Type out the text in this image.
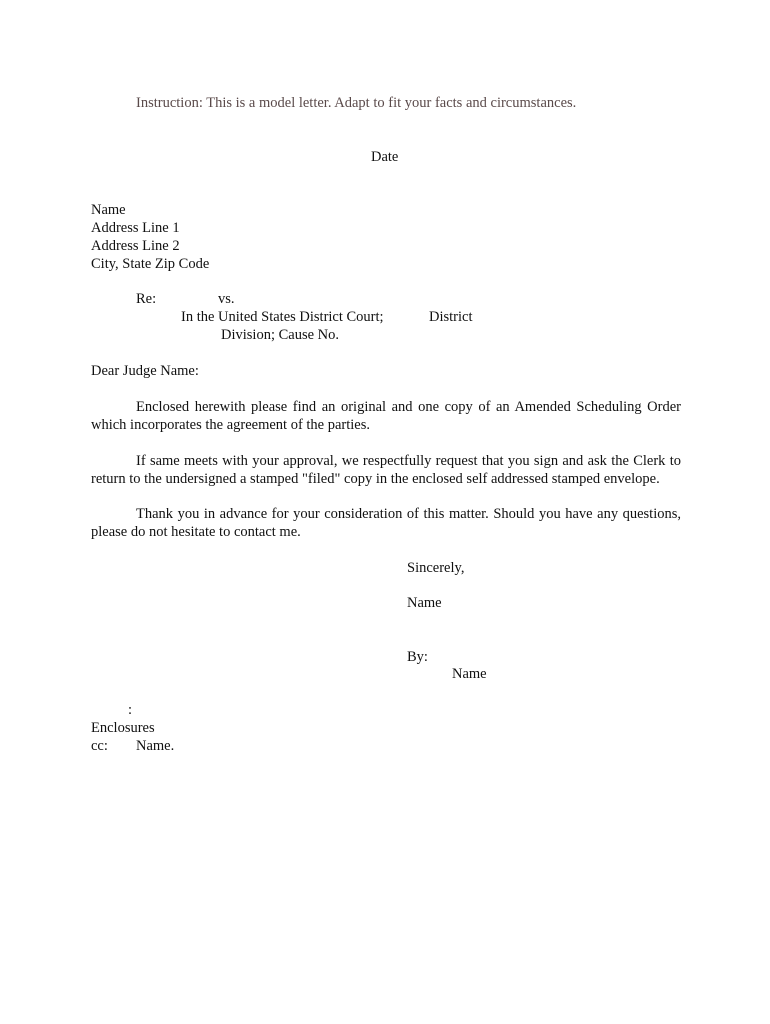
Instruction: This is a model letter. Adapt to fit your facts and circumstances.
Date
Name
Address Line 1
Address Line 2
City, State Zip Code
Re:	vs.
In the United States District Court;	District
Division; Cause No.
Dear Judge Name:
Enclosed herewith please find an original and one copy of an Amended Scheduling Order which incorporates the agreement of the parties.
If same meets with your approval, we respectfully request that you sign and ask the Clerk to return to the undersigned a stamped "filed" copy in the enclosed self addressed stamped envelope.
Thank you in advance for your consideration of this matter. Should you have any questions, please do not hesitate to contact me.
Sincerely,
Name
By:
Name
:
Enclosures
cc: Name.
